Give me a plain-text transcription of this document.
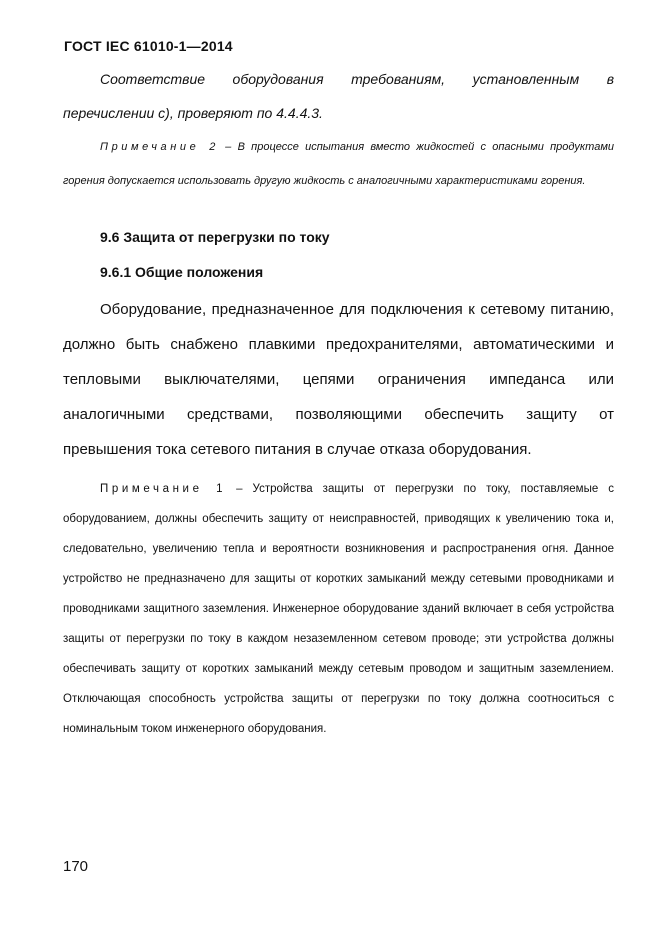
ГОСТ IEC 61010-1—2014
Соответствие оборудования требованиям, установленным в перечислении c), проверяют по 4.4.4.3.
Примечание 2 – В процессе испытания вместо жидкостей с опасными продуктами горения допускается использовать другую жидкость с аналогичными характеристиками горения.
9.6 Защита от перегрузки по току
9.6.1 Общие положения
Оборудование, предназначенное для подключения к сетевому питанию, должно быть снабжено плавкими предохранителями, автоматическими и тепловыми выключателями, цепями ограничения импеданса или аналогичными средствами, позволяющими обеспечить защиту от превышения тока сетевого питания в случае отказа оборудования.
Примечание 1 – Устройства защиты от перегрузки по току, поставляемые с оборудованием, должны обеспечить защиту от неисправностей, приводящих к увеличению тока и, следовательно, увеличению тепла и вероятности возникновения и распространения огня. Данное устройство не предназначено для защиты от коротких замыканий между сетевыми проводниками и проводниками защитного заземления. Инженерное оборудование зданий включает в себя устройства защиты от перегрузки по току в каждом незаземленном сетевом проводе; эти устройства должны обеспечивать защиту от коротких замыканий между сетевым проводом и защитным заземлением. Отключающая способность устройства защиты от перегрузки по току должна соотноситься с номинальным током инженерного оборудования.
170
